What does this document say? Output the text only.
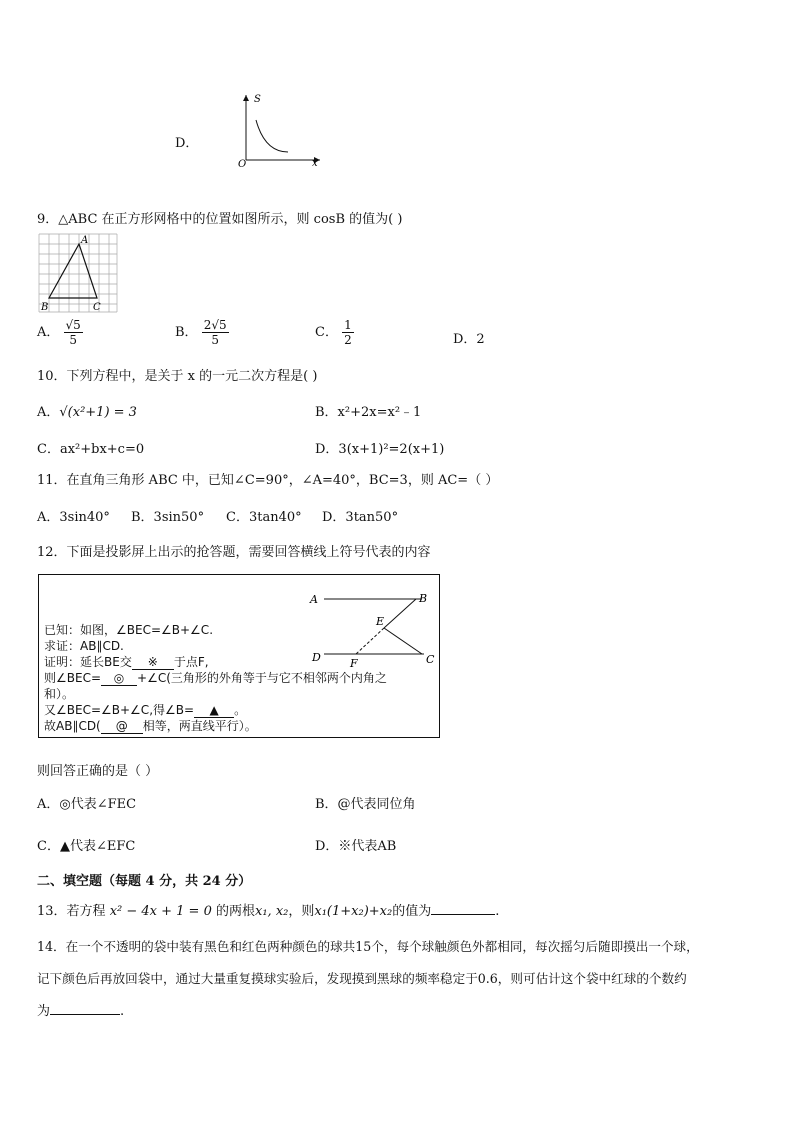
D．
S
x
O
9．△ABC 在正方形网格中的位置如图所示，则 cosB 的值为( )
A
B	C
A． $\frac{√5}{5}$	B． $\frac{2√5}{5}$	C． $\frac{1}{2}$	D．2
10．下列方程中，是关于 x 的一元二次方程是( )
A．√(x²+1) = 3	B．x²+2x=x²﹣1
C．ax²+bx+c=0	D．3(x+1)²=2(x+1)
11．在直角三角形 ABC 中，已知∠C=90°，∠A=40°，BC=3，则 AC=（ ）
A．3sin40° B．3sin50° C．3tan40° D．3tan50°
12．下面是投影屏上出示的抢答题，需要回答横线上符号代表的内容
已知：如图，∠BEC=∠B+∠C.
求证：AB∥CD.
证明：延长BE交 ※ 于点F,
则∠BEC= ◎ +∠C(三角形的外角等于与它不相邻两个内角之
和）。
又∠BEC=∠B+∠C,得∠B= ▲ 。
故AB∥CD( @ 相等，两直线平行）。
A	B
C
D
E
F
则回答正确的是（ ）
A．◎代表∠FEC	B．@代表同位角
C．▲代表∠EFC	D．※代表AB
二、填空题（每题 4 分，共 24 分）
13．若方程 x² − 4x + 1 = 0 的两根x₁, x₂，则x₁(1+x₂)+x₂的值为	.
14．在一个不透明的袋中装有黑色和红色两种颜色的球共15个，每个球触颜色外都相同，每次摇匀后随即摸出一个球，
记下颜色后再放回袋中，通过大量重复摸球实验后，发现摸到黑球的频率稳定于0.6，则可估计这个袋中红球的个数约
为	.
